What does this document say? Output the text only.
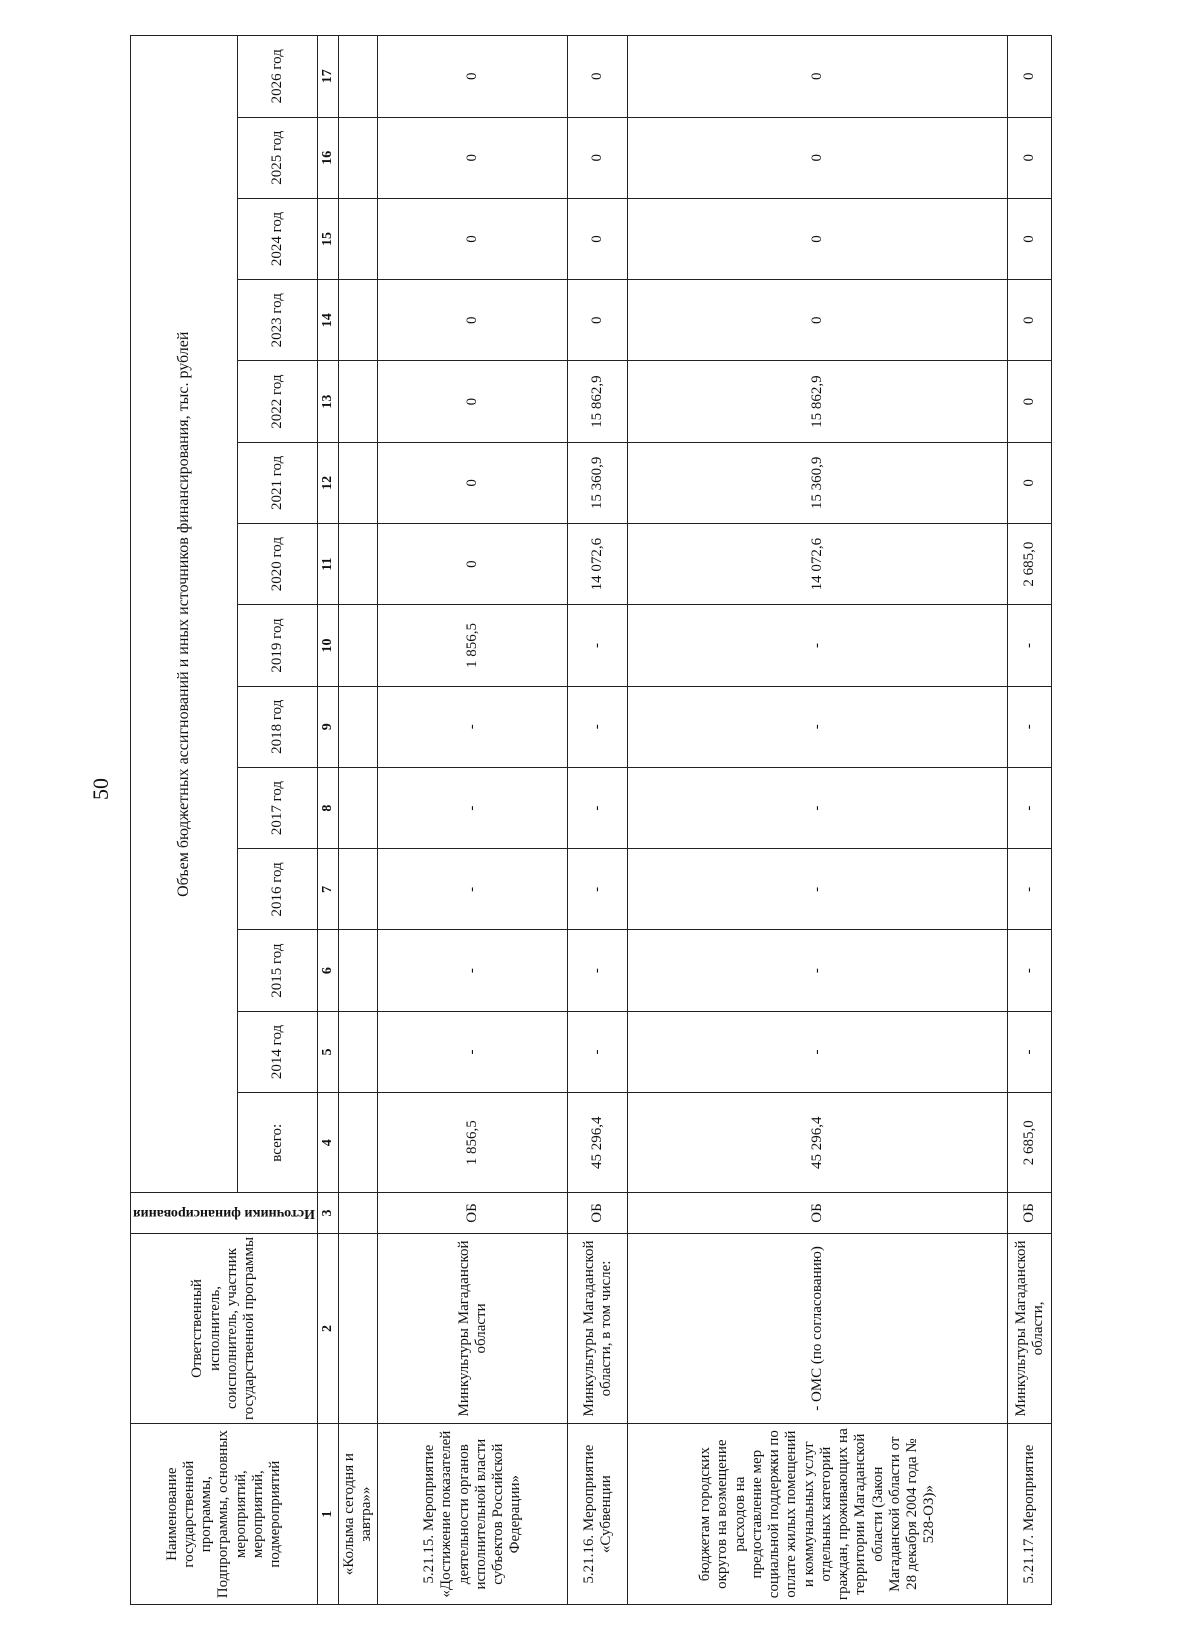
50
Наименование государственной программы, Подпрограммы, основных мероприятий, мероприятий, подмероприятий	Ответственный исполнитель, соисполнитель, участник государственной программы	Источники финансирования	Объем бюджетных ассигнований и иных источников финансирования, тыс. рублей													
			всего:	2014 год	2015 год	2016 год	2017 год	2018 год	2019 год	2020 год	2021 год	2022 год	2023 год	2024 год	2025 год	2026 год
1	2	3	4	5	6	7	8	9	10	11	12	13	14	15	16	17
«Колыма сегодня и завтра»»																
5.21.15. Мероприятие «Достижение показателей деятельности органов исполнительной власти субъектов Российской Федерации»	Минкультуры Магаданской области	ОБ	1 856,5	-	-	-	-	-	1 856,5	0	0	0	0	0	0	0
5.21.16. Мероприятие «Субвенции	Минкультуры Магаданской области, в том числе:	ОБ	45 296,4	-	-	-	-	-	-	14 072,6	15 360,9	15 862,9	0	0	0	0
бюджетам городских округов на возмещение расходов на предоставление мер социальной поддержки по оплате жилых помещений и коммунальных услуг отдельных категорий граждан, проживающих на территории Магаданской области (Закон Магаданской области от 28 декабря 2004 года № 528-ОЗ)»	- ОМС (по согласованию)	ОБ	45 296,4	-	-	-	-	-	-	14 072,6	15 360,9	15 862,9	0	0	0	0
5.21.17. Мероприятие	Минкультуры Магаданской области,	ОБ	2 685,0	-	-	-	-	-	-	2 685,0	0	0	0	0	0	0
